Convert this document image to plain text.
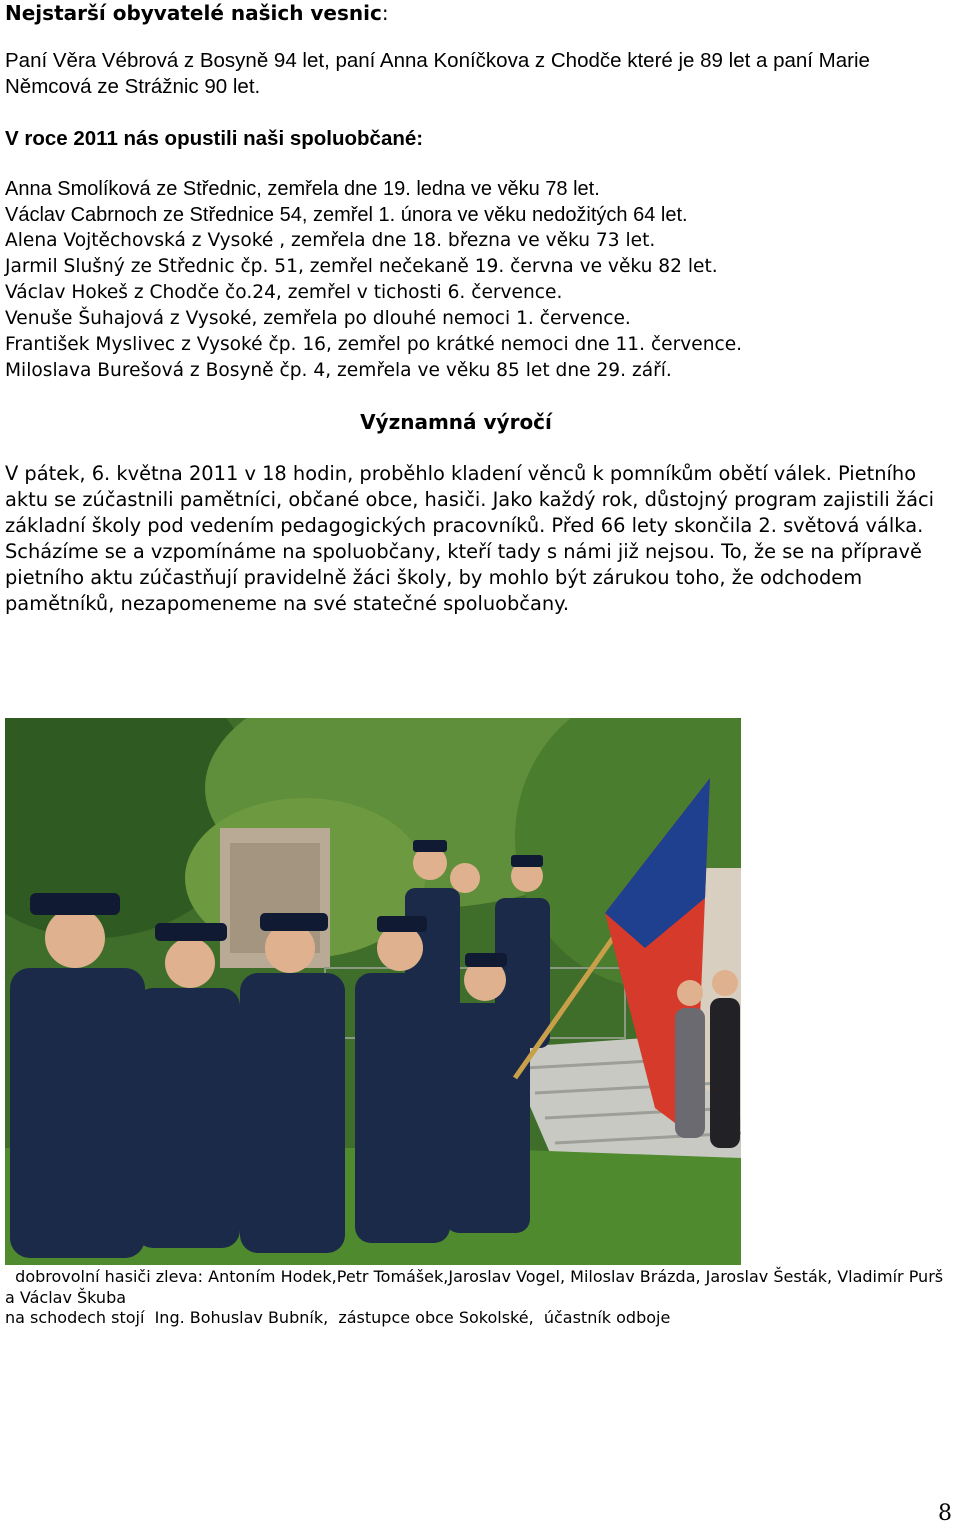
Nejstarší obyvatelé našich vesnic:
Paní Věra Vébrová z Bosyně 94 let, paní Anna Koníčkova z Chodče které je 89 let a paní Marie Němcová ze Strážnic 90 let.
V roce 2011 nás opustili naši spoluobčané:
Anna Smolíková ze Střednic, zemřela dne 19. ledna ve věku 78 let.
Václav Cabrnoch ze Střednice 54, zemřel 1. února ve věku nedožitých 64 let.
Alena Vojtěchovská z Vysoké , zemřela dne 18. března ve věku 73 let.
Jarmil Slušný ze Střednic čp. 51, zemřel nečekaně 19. června ve věku 82 let.
Václav Hokeš z Chodče čo.24, zemřel v tichosti 6. července.
Venuše Šuhajová z Vysoké, zemřela po dlouhé nemoci 1. července.
František Myslivec z Vysoké čp. 16, zemřel po krátké nemoci dne 11. července.
Miloslava Burešová z Bosyně čp. 4, zemřela ve věku 85 let dne 29. září.
Významná výročí

V pátek, 6. května 2011 v 18 hodin, proběhlo kladení věnců k pomníkům obětí válek. Pietního aktu se zúčastnili pamětníci, občané obce, hasiči. Jako každý rok, důstojný program zajistili žáci základní školy pod vedením pedagogických pracovníků. Před 66 lety skončila 2. světová válka. Scházíme se a vzpomínáme na spoluobčany, kteří tady s námi již nejsou. To, že se na přípravě pietního aktu zúčastňují pravidelně žáci školy, by mohlo být zárukou toho, že odchodem pamětníků, nezapomeneme na své statečné spoluobčany.

dobrovolní hasiči zleva: Antoním Hodek,Petr Tomášek,Jaroslav Vogel, Miloslav Brázda, Jaroslav Šesták, Vladimír Purš a Václav Škuba
na schodech stojí  Ing. Bohuslav Bubník,  zástupce obce Sokolské,  účastník odboje
8
